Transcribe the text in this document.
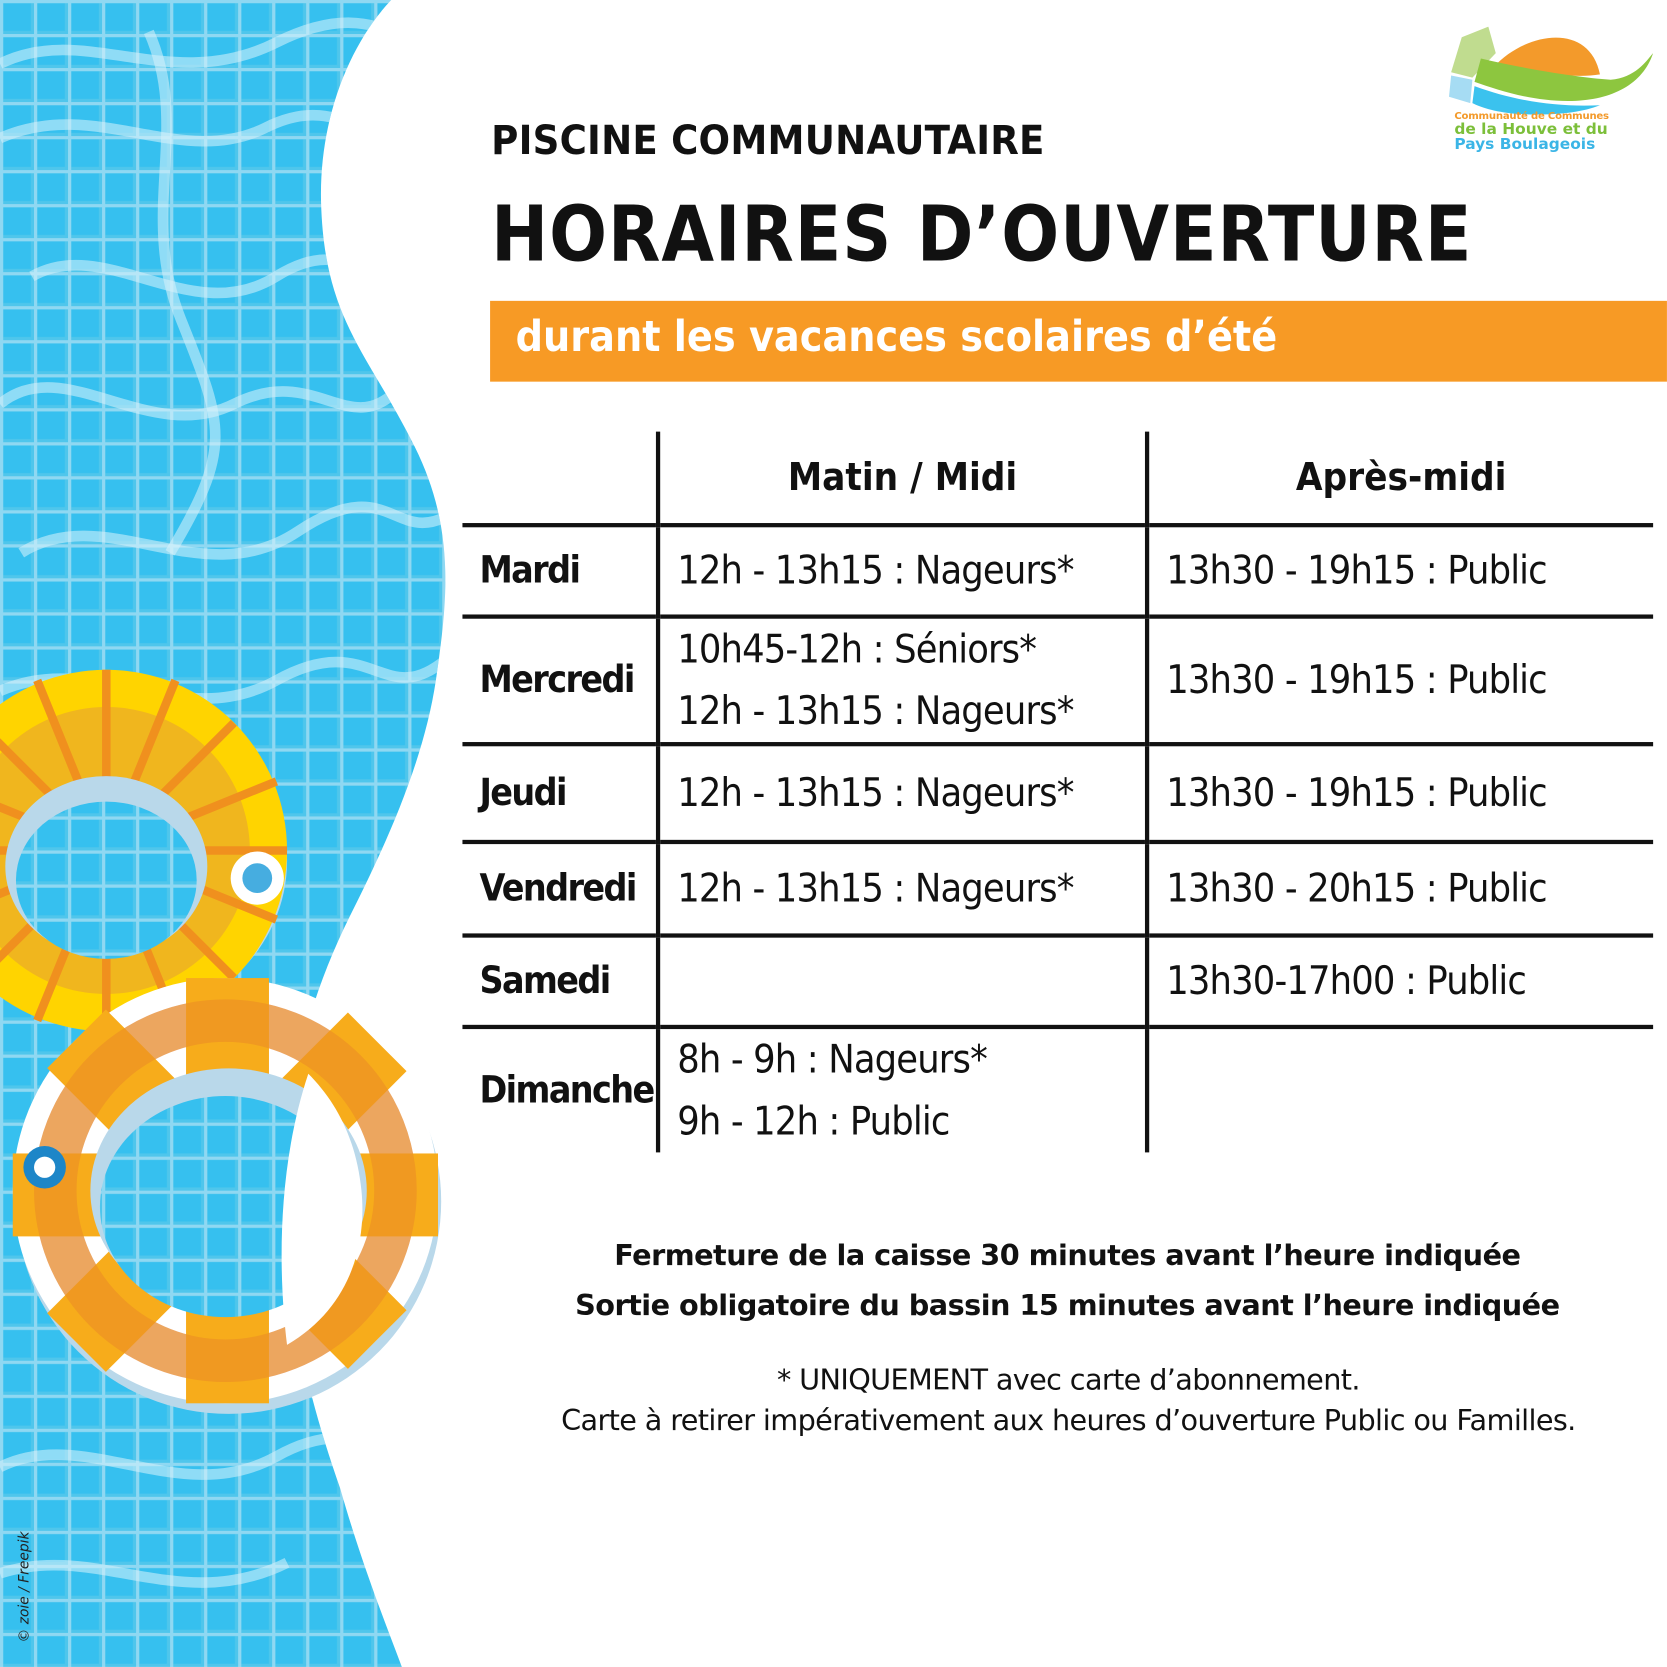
© zoie / Freepik
Communauté de Communes
de la Houve et du
Pays Boulageois
PISCINE COMMUNAUTAIRE
HORAIRES D’OUVERTURE
durant les vacances scolaires d’été
	Matin / Midi	Après-midi
Mardi	12h - 13h15 : Nageurs*	13h30 - 19h15 : Public

Mercredi	10h45-12h : Séniors*
12h - 13h15 : Nageurs*	13h30 - 19h15 : Public

Jeudi	12h - 13h15 : Nageurs*	13h30 - 19h15 : Public

Vendredi	12h - 13h15 : Nageurs*	13h30 - 20h15 : Public

Samedi		13h30-17h00 : Public

Dimanche	8h - 9h : Nageurs*
9h - 12h : Public	

Fermeture de la caisse 30 minutes avant l’heure indiquée
Sortie obligatoire du bassin 15 minutes avant l’heure indiquée
* UNIQUEMENT avec carte d’abonnement.
Carte à retirer impérativement aux heures d’ouverture Public ou Familles.
